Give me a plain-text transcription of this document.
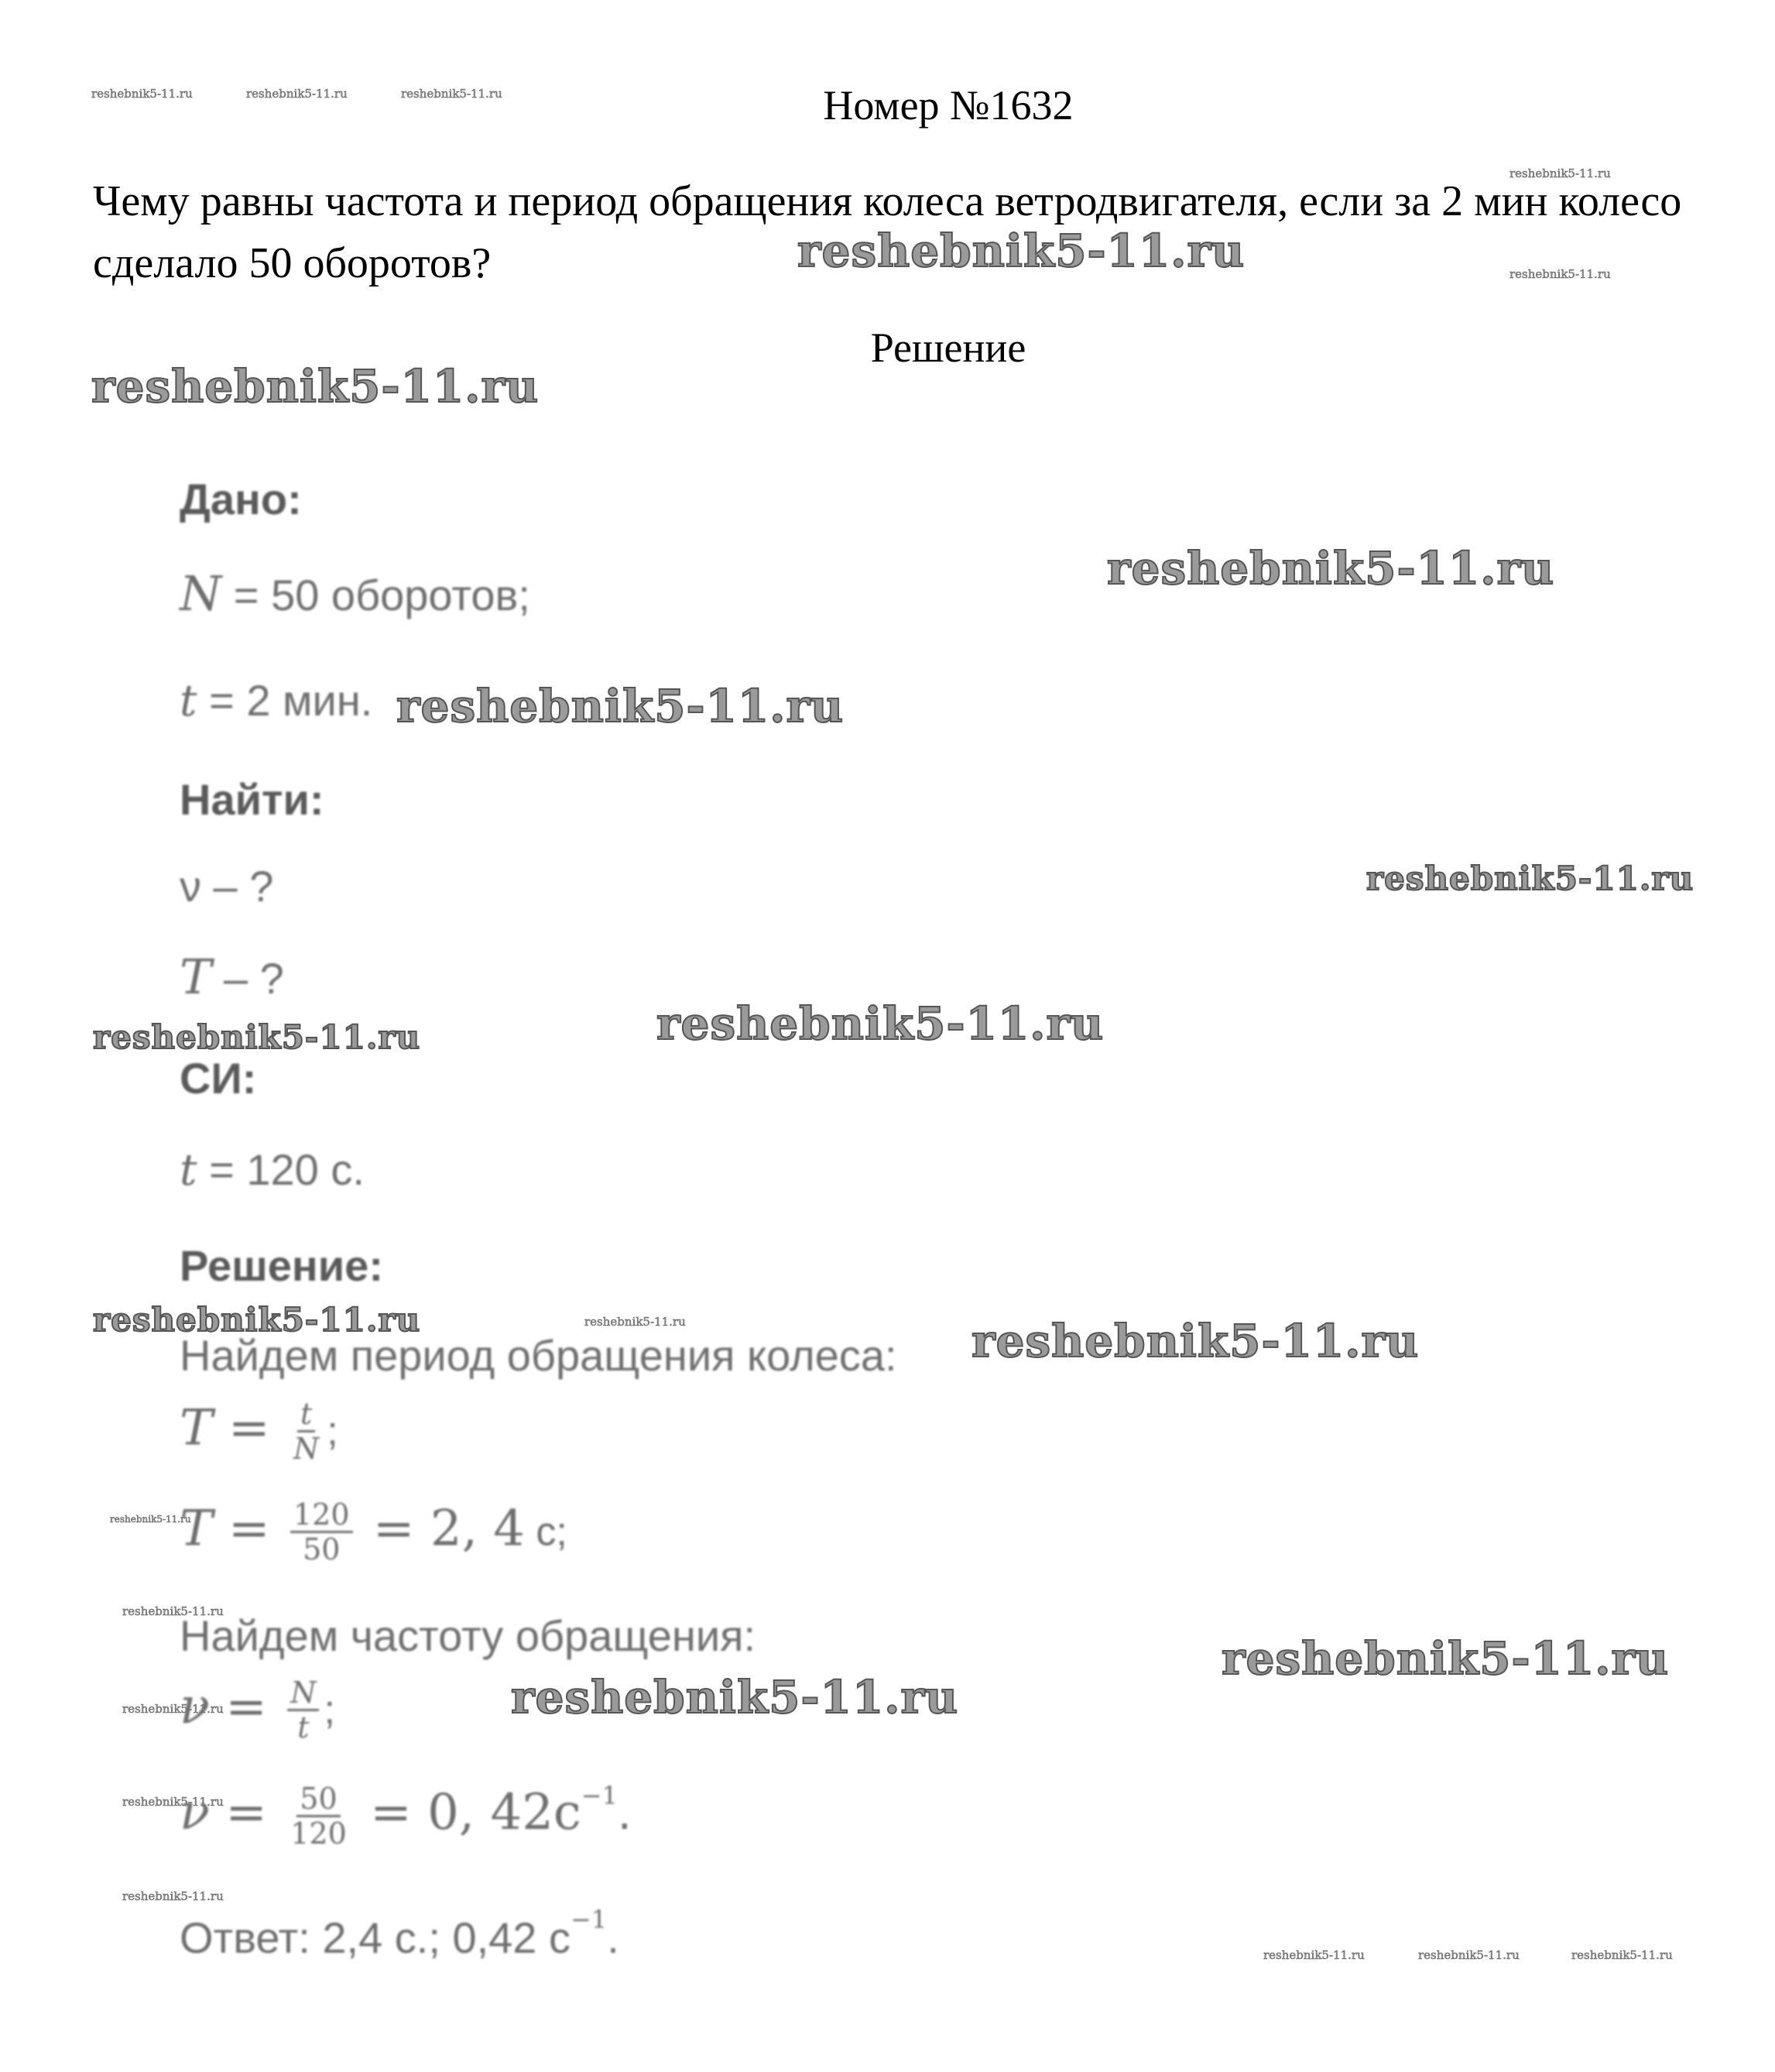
Номер №1632
Чему равны частота и период обращения колеса ветродвигателя, если за 2 мин колесо сделало 50 оборотов?
Решение
Дано:
N = 50 оборотов;
t = 2 мин.
Найти:
ν – ?
T – ?
СИ:
t = 120 с.
Решение:
Найдем период обращения колеса:
$T = \frac{t}{N}$ ;
$T = \frac{120}{50} = 2$, 4 с;
Найдем частоту обращения:
$\nu = \frac{N}{t}$ ;
$\nu = \frac{50}{120} = 0$, $42с^{-1}$.
Ответ: 2,4 с.; 0,42 $с^{-1}$.
reshebnik5-11.ru	reshebnik5-11.ru	reshebnik5-11.ru
reshebnik5-11.ru
reshebnik5-11.ru
reshebnik5-11.ru
reshebnik5-11.ru
reshebnik5-11.ru
reshebnik5-11.ru
reshebnik5-11.ru
reshebnik5-11.ru
reshebnik5-11.ru
reshebnik5-11.ru	reshebnik5-11.ru	reshebnik5-11.ru
reshebnik5-11.ru
reshebnik5-11.ru
reshebnik5-11.ru
reshebnik5-11.ru
reshebnik5-11.ru
reshebnik5-11.ru
reshebnik5-11.ru
reshebnik5-11.ru	reshebnik5-11.ru	reshebnik5-11.ru
